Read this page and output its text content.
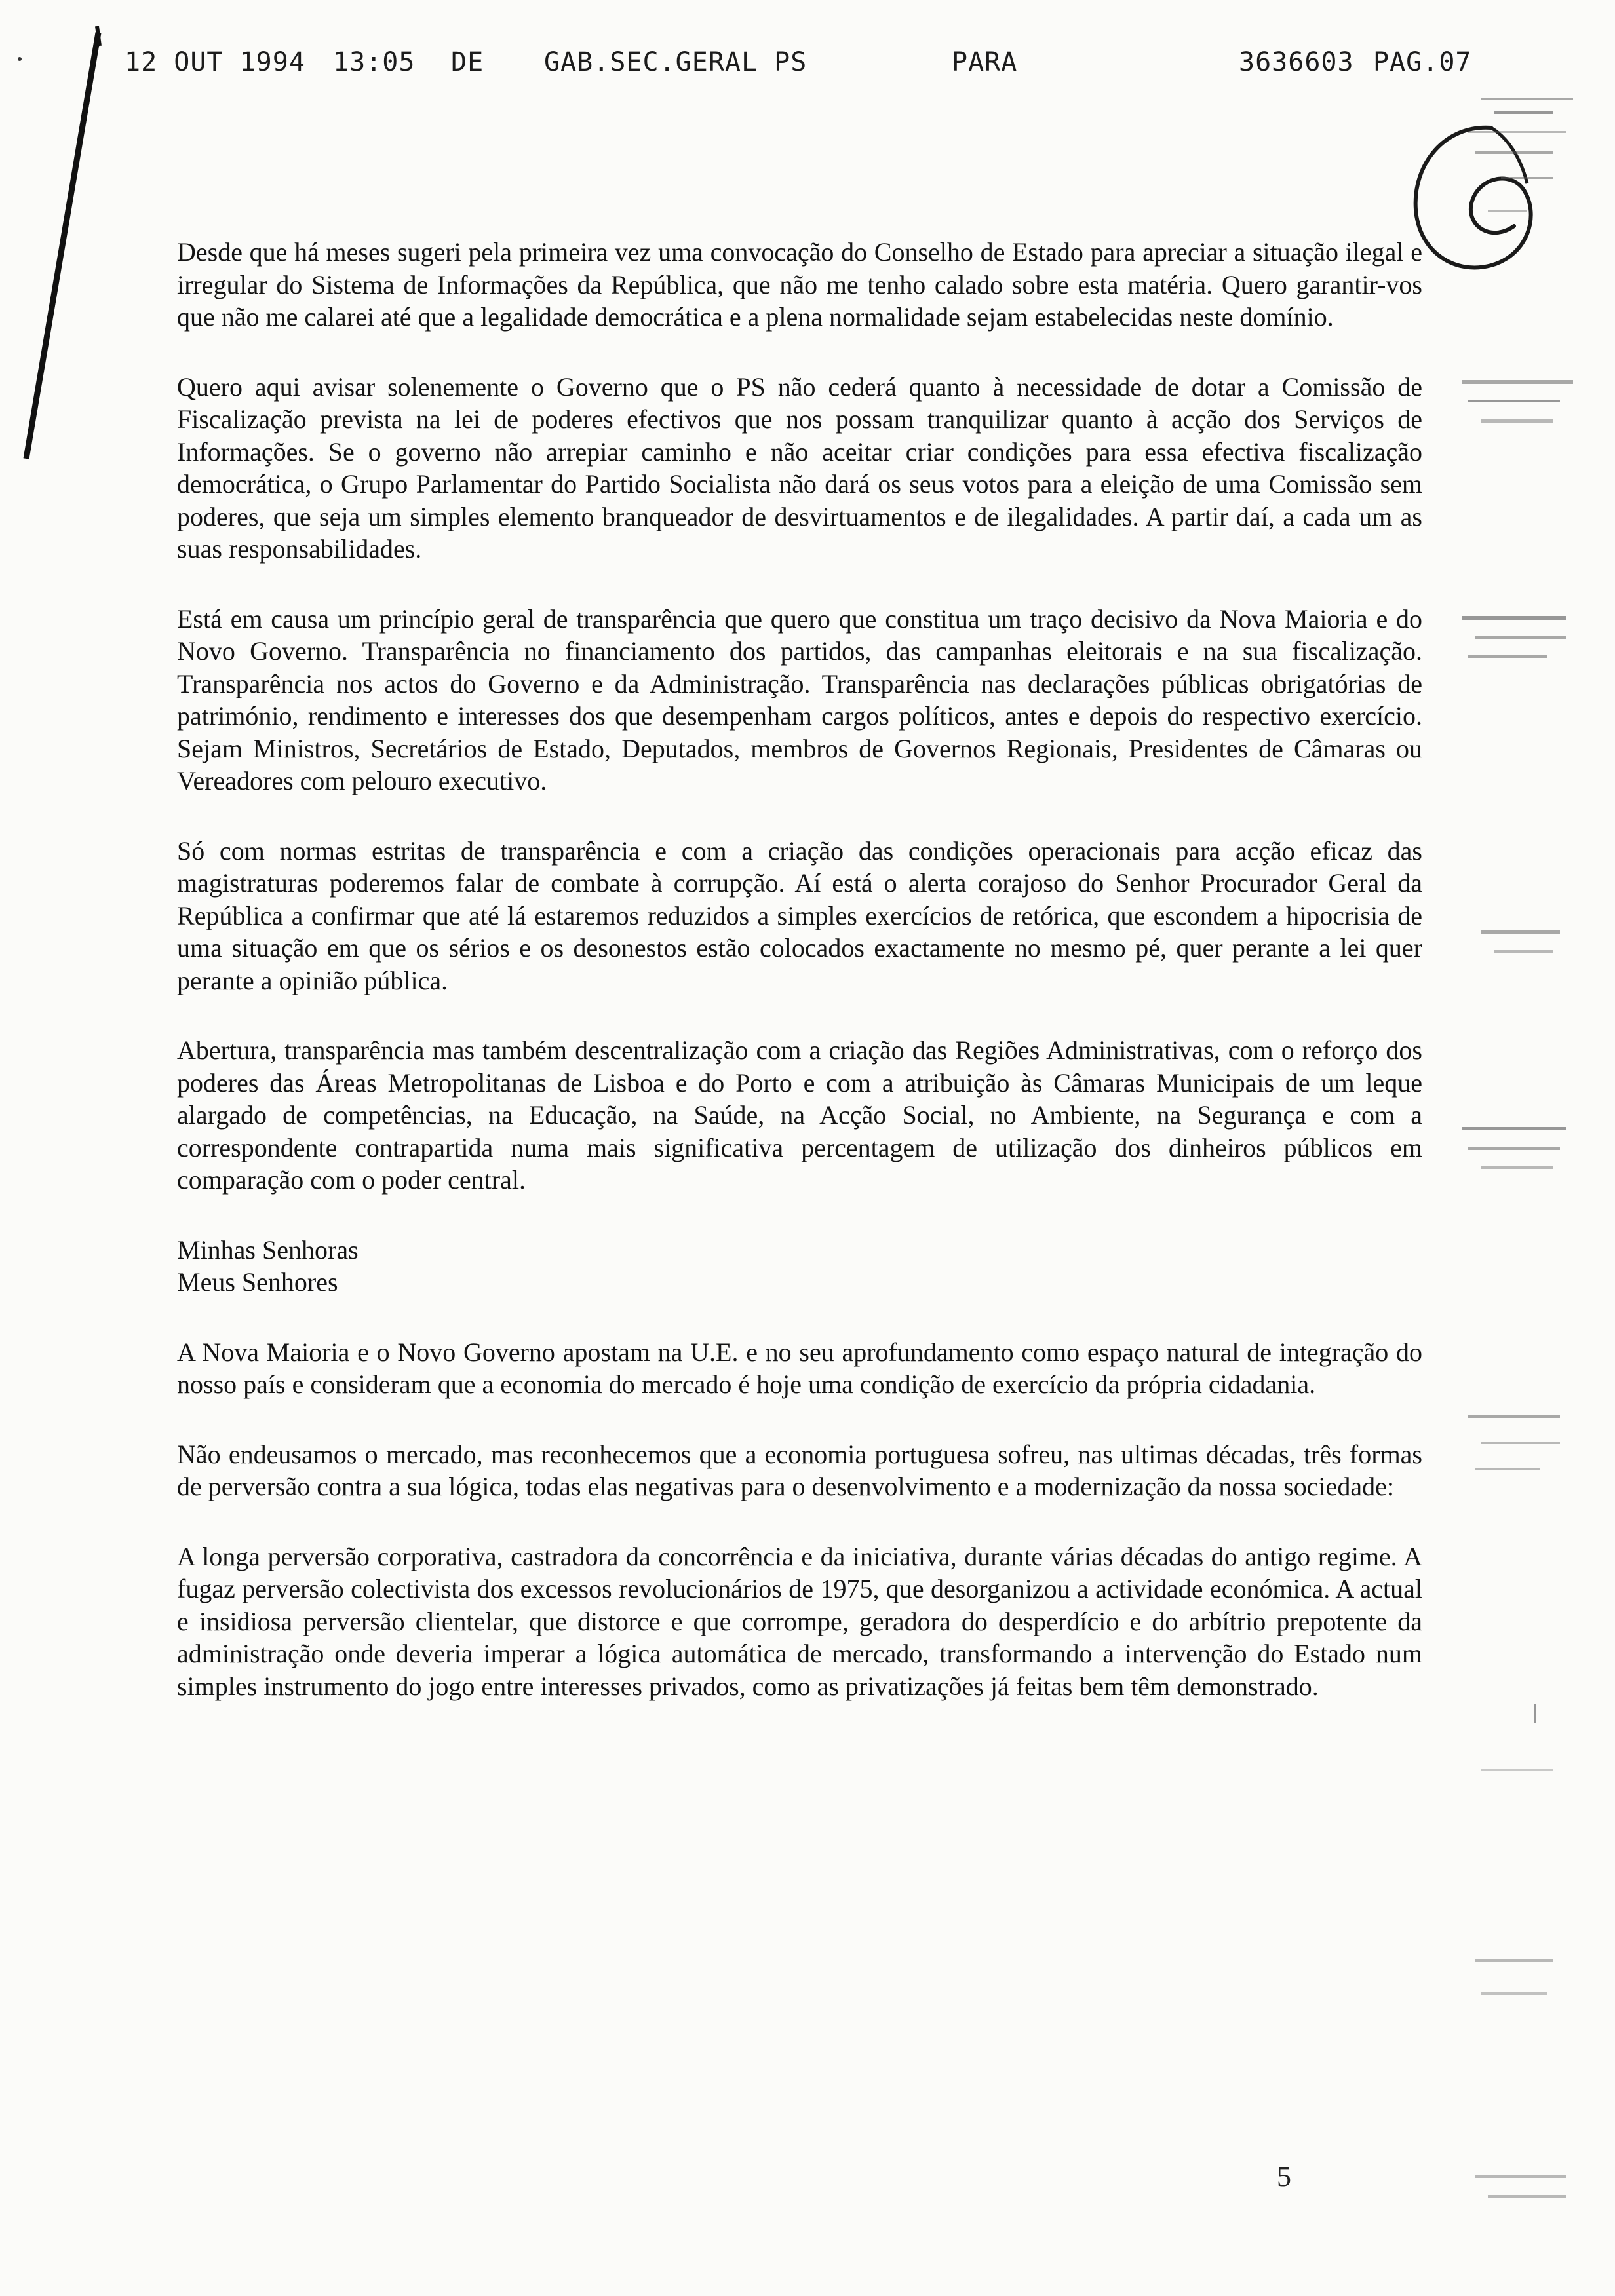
12 OUT 1994 13:05 DE GAB.SEC.GERAL PS	PARA	3636603 PAG.07

Desde que há meses sugeri pela primeira vez uma convocação do Conselho de Estado para apreciar a situação ilegal e irregular do Sistema de Informações da República, que não me tenho calado sobre esta matéria. Quero garantir-vos que não me calarei até que a legalidade democrática e a plena normalidade sejam estabelecidas neste domínio.

Quero aqui avisar solenemente o Governo que o PS não cederá quanto à necessidade de dotar a Comissão de Fiscalização prevista na lei de poderes efectivos que nos possam tranquilizar quanto à acção dos Serviços de Informações. Se o governo não arrepiar caminho e não aceitar criar condições para essa efectiva fiscalização democrática, o Grupo Parlamentar do Partido Socialista não dará os seus votos para a eleição de uma Comissão sem poderes, que seja um simples elemento branqueador de desvirtuamentos e de ilegalidades. A partir daí, a cada um as suas responsabilidades.

Está em causa um princípio geral de transparência que quero que constitua um traço decisivo da Nova Maioria e do Novo Governo. Transparência no financiamento dos partidos, das campanhas eleitorais e na sua fiscalização. Transparência nos actos do Governo e da Administração. Transparência nas declarações públicas obrigatórias de património, rendimento e interesses dos que desempenham cargos políticos, antes e depois do respectivo exercício. Sejam Ministros, Secretários de Estado, Deputados, membros de Governos Regionais, Presidentes de Câmaras ou Vereadores com pelouro executivo.

Só com normas estritas de transparência e com a criação das condições operacionais para acção eficaz das magistraturas poderemos falar de combate à corrupção. Aí está o alerta corajoso do Senhor Procurador Geral da República a confirmar que até lá estaremos reduzidos a simples exercícios de retórica, que escondem a hipocrisia de uma situação em que os sérios e os desonestos estão colocados exactamente no mesmo pé, quer perante a lei quer perante a opinião pública.

Abertura, transparência mas também descentralização com a criação das Regiões Administrativas, com o reforço dos poderes das Áreas Metropolitanas de Lisboa e do Porto e com a atribuição às Câmaras Municipais de um leque alargado de competências, na Educação, na Saúde, na Acção Social, no Ambiente, na Segurança e com a correspondente contrapartida numa mais significativa percentagem de utilização dos dinheiros públicos em comparação com o poder central.

Minhas Senhoras
Meus Senhores

A Nova Maioria e o Novo Governo apostam na U.E. e no seu aprofundamento como espaço natural de integração do nosso país e consideram que a economia do mercado é hoje uma condição de exercício da própria cidadania.

Não endeusamos o mercado, mas reconhecemos que a economia portuguesa sofreu, nas ultimas décadas, três formas de perversão contra a sua lógica, todas elas negativas para o desenvolvimento e a modernização da nossa sociedade:

A longa perversão corporativa, castradora da concorrência e da iniciativa, durante várias décadas do antigo regime. A fugaz perversão colectivista dos excessos revolucionários de 1975, que desorganizou a actividade económica. A actual e insidiosa perversão clientelar, que distorce e que corrompe, geradora do desperdício e do arbítrio prepotente da administração onde deveria imperar a lógica automática de mercado, transformando a intervenção do Estado num simples instrumento do jogo entre interesses privados, como as privatizações já feitas bem têm demonstrado.

5
